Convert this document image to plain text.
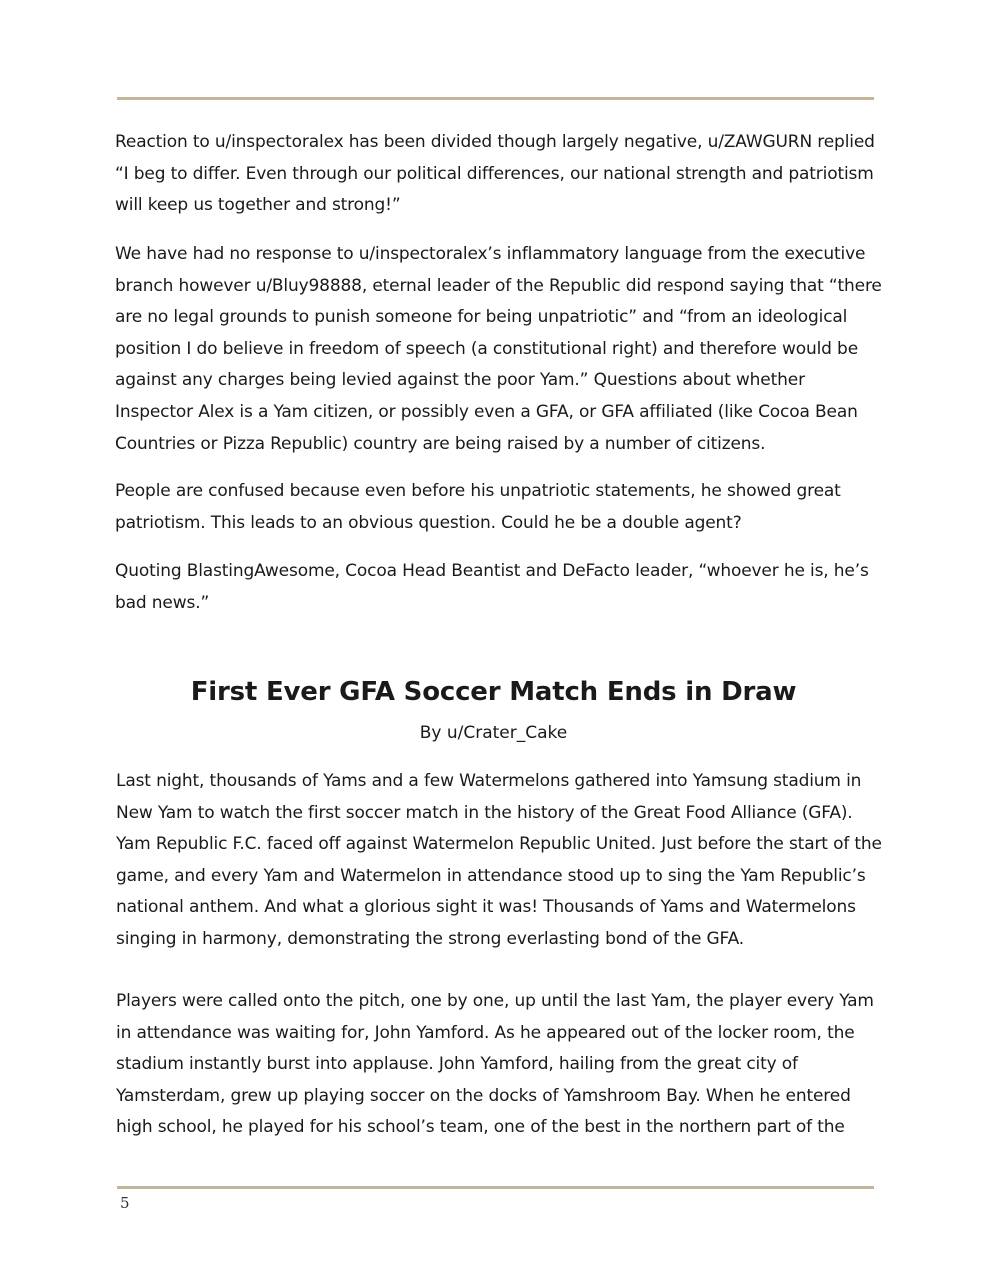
Reaction to u/inspectoralex has been divided though largely negative, u/ZAWGURN replied “I beg to differ. Even through our political differences, our national strength and patriotism will keep us together and strong!”

We have had no response to u/inspectoralex’s inflammatory language from the executive branch however u/Bluy98888, eternal leader of the Republic did respond saying that “there are no legal grounds to punish someone for being unpatriotic” and “from an ideological position I do believe in freedom of speech (a constitutional right) and therefore would be against any charges being levied against the poor Yam.” Questions about whether Inspector Alex is a Yam citizen, or possibly even a GFA, or GFA affiliated (like Cocoa Bean Countries or Pizza Republic) country are being raised by a number of citizens.

People are confused because even before his unpatriotic statements, he showed great patriotism. This leads to an obvious question. Could he be a double agent?

Quoting BlastingAwesome, Cocoa Head Beantist and DeFacto leader, “whoever he is, he’s bad news.”

First Ever GFA Soccer Match Ends in Draw
By u/Crater_Cake

Last night, thousands of Yams and a few Watermelons gathered into Yamsung stadium in New Yam to watch the first soccer match in the history of the Great Food Alliance (GFA). Yam Republic F.C. faced off against Watermelon Republic United. Just before the start of the game, and every Yam and Watermelon in attendance stood up to sing the Yam Republic’s national anthem. And what a glorious sight it was! Thousands of Yams and Watermelons singing in harmony, demonstrating the strong everlasting bond of the GFA.

Players were called onto the pitch, one by one, up until the last Yam, the player every Yam in attendance was waiting for, John Yamford. As he appeared out of the locker room, the stadium instantly burst into applause. John Yamford, hailing from the great city of Yamsterdam, grew up playing soccer on the docks of Yamshroom Bay. When he entered high school, he played for his school’s team, one of the best in the northern part of the

5
